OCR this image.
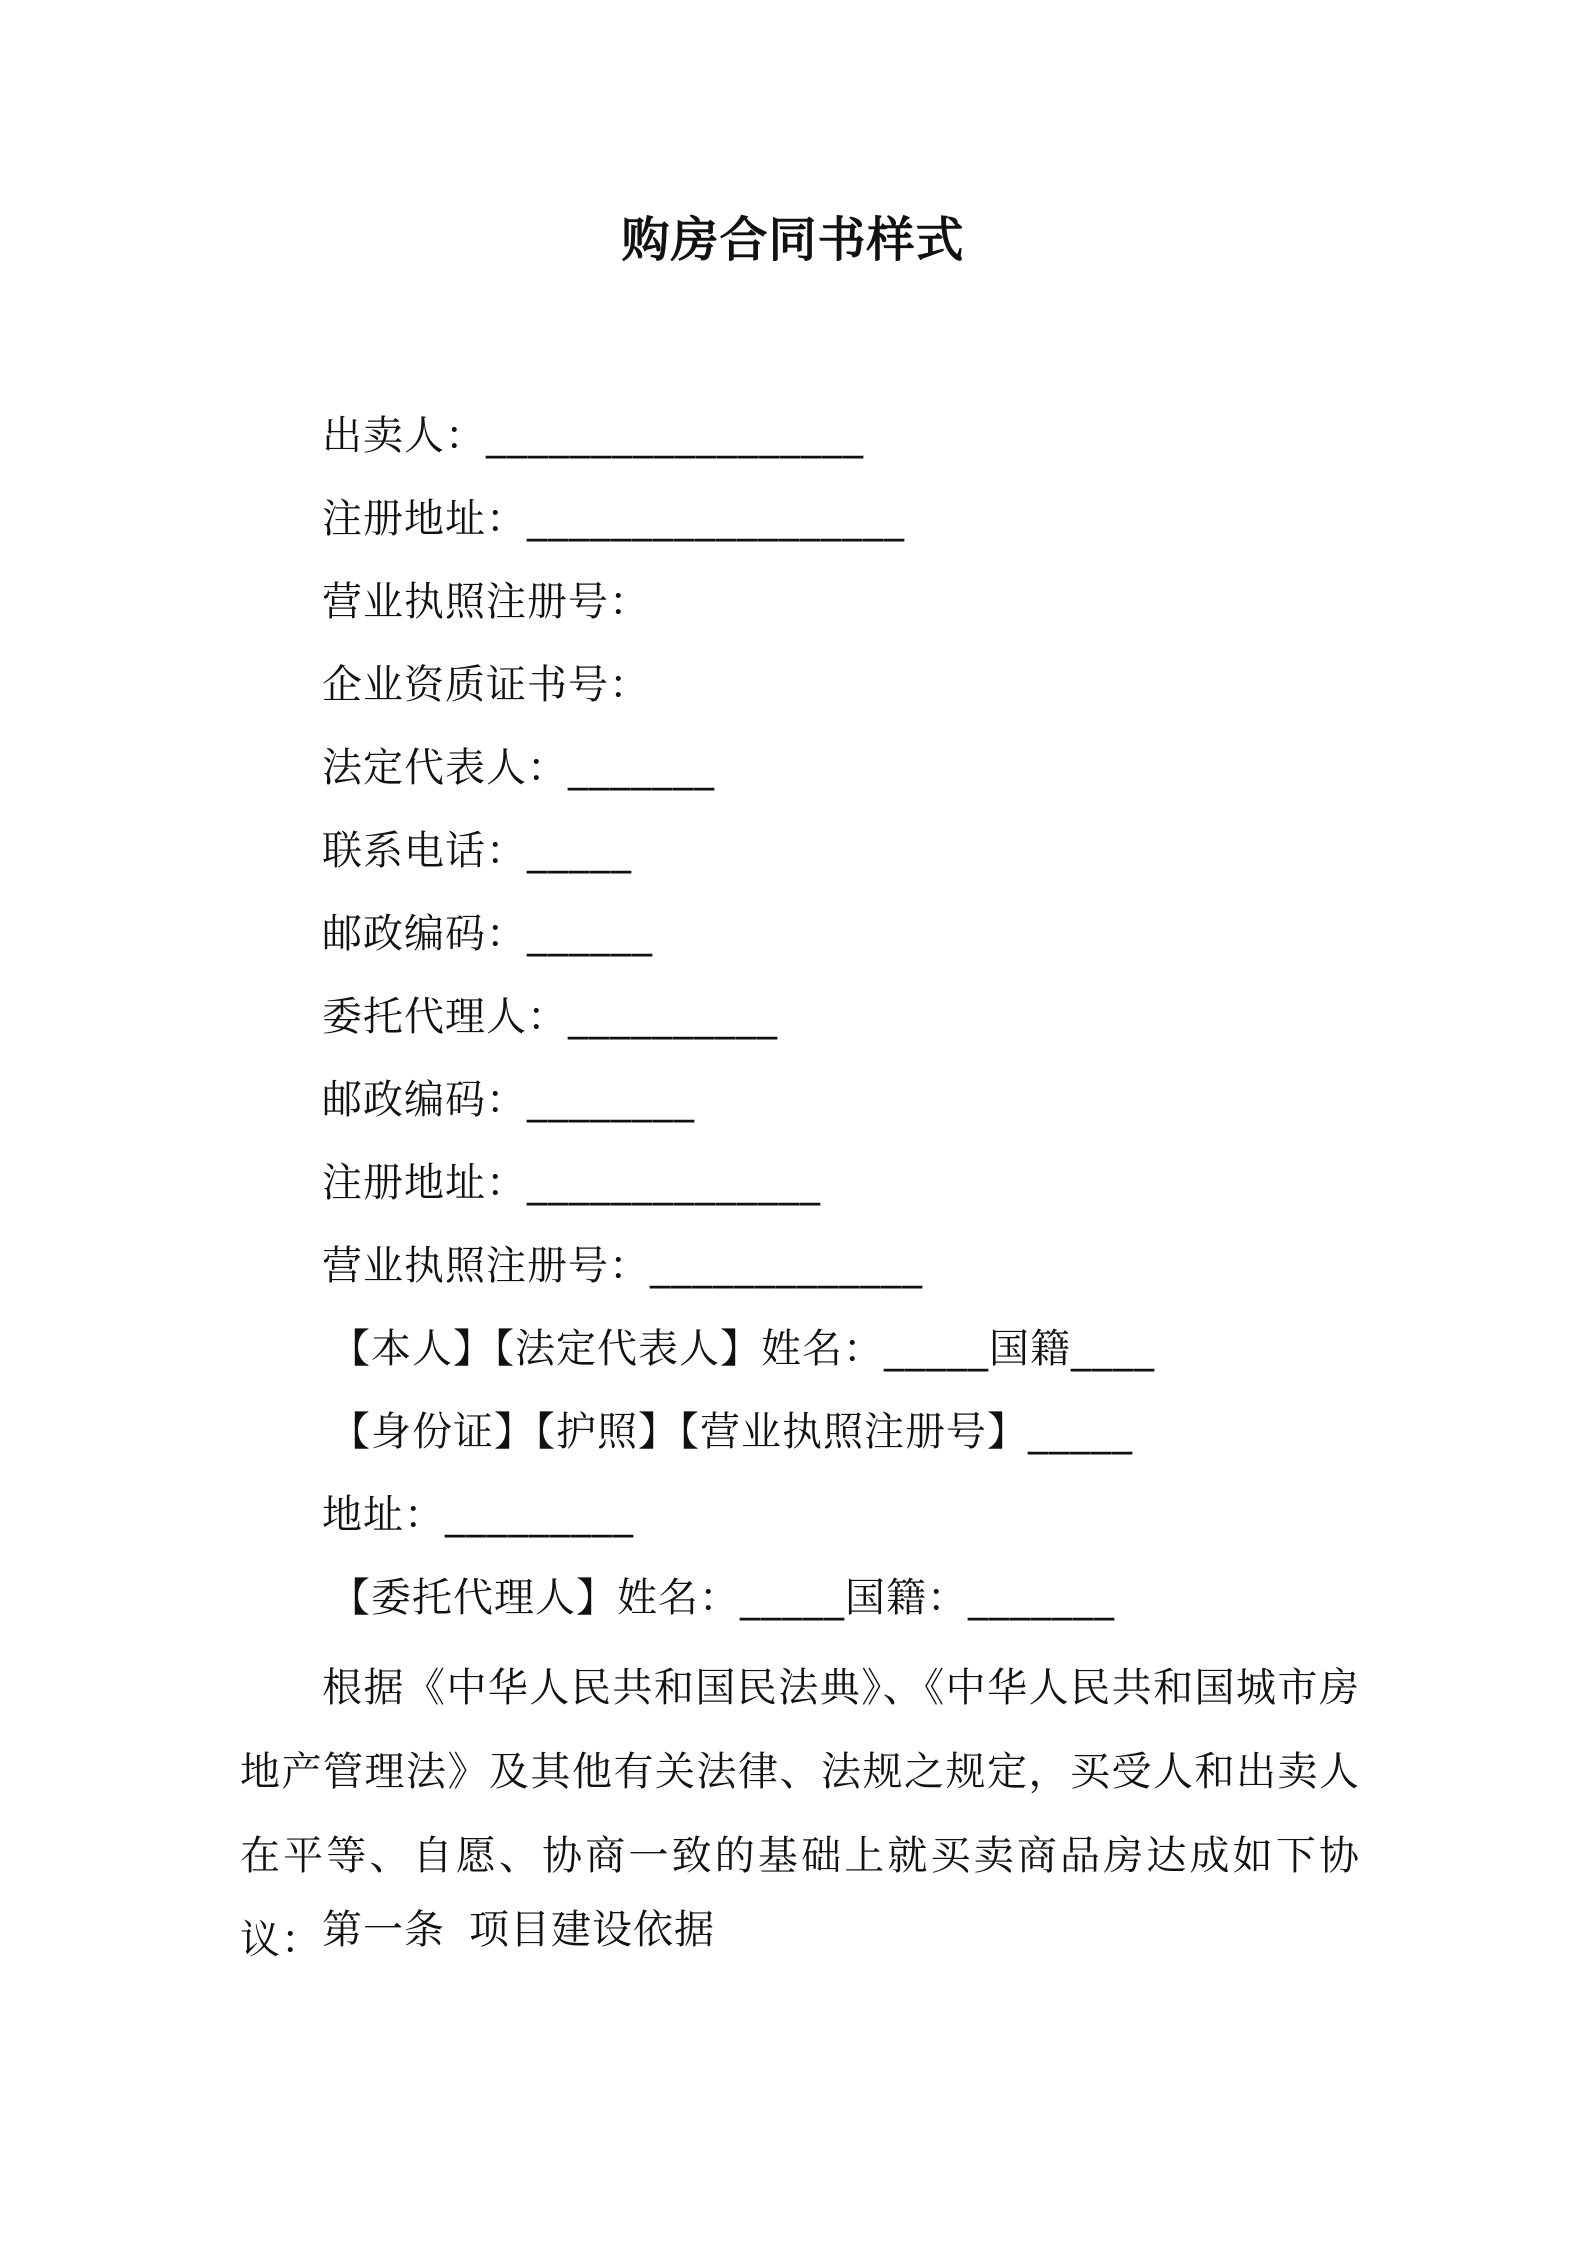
购房合同书样式
出卖人：__________________
注册地址：__________________
营业执照注册号：
企业资质证书号：
法定代表人：_______
联系电话：_____
邮政编码：______
委托代理人：__________
邮政编码：________
注册地址：______________
营业执照注册号：_____________
【本人】【法定代表人】姓名：_____国籍____
【身份证】【护照】【营业执照注册号】_____
地址：_________
【委托代理人】姓名：_____国籍：_______
根据《中华人民共和国民法典》、《中华人民共和国城市房地产管理法》及其他有关法律、法规之规定，买受人和出卖人在平等、自愿、协商一致的基础上就买卖商品房达成如下协议： 第一条 项目建设依据
